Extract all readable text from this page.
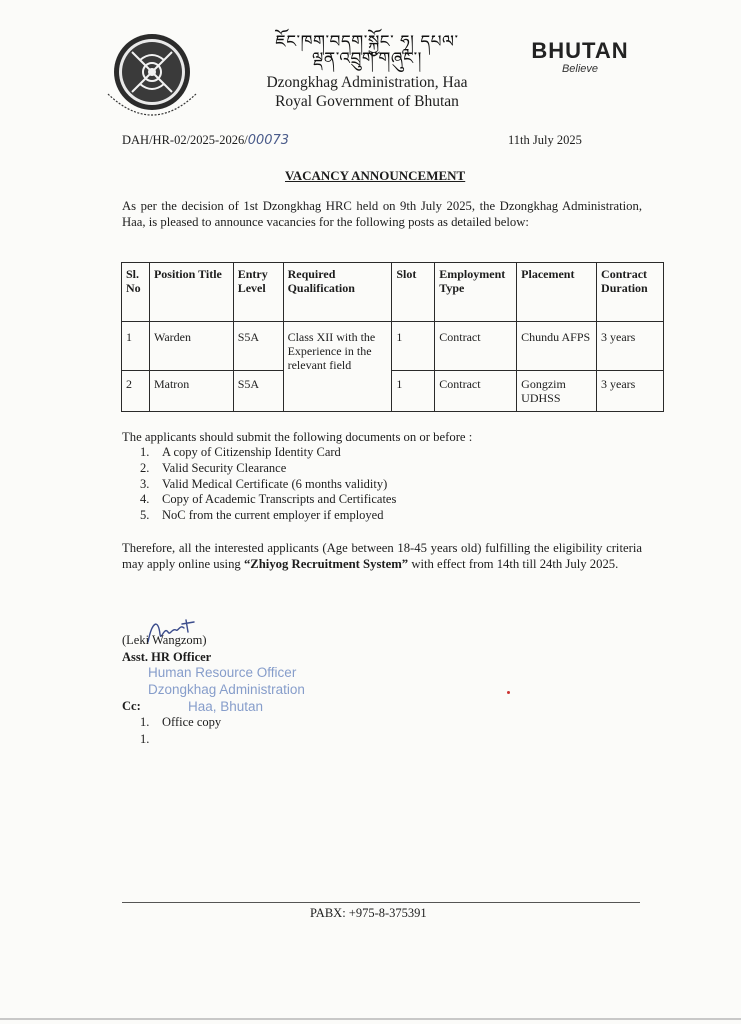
ཇོང་ཁག་བདག་སྐྱོང་ ཧཱ། དཔལ་ལྡན་འབྲུག་གཞུང་།
Dzongkhag Administration, Haa
Royal Government of Bhutan
BHUTAN
Believe
DAH/HR-02/2025-2026/00073	11th July 2025
VACANCY ANNOUNCEMENT
As per the decision of 1st Dzongkhag HRC held on 9th July 2025, the Dzongkhag Administration, Haa, is pleased to announce vacancies for the following posts as detailed below:
Sl. No	Position Title	Entry Level	Required Qualification	Slot	Employment Type	Placement	Contract Duration
1	Warden	S5A	Class XII with the Experience in the relevant field	1	Contract	Chundu AFPS	3 years
2	Matron	S5A		1	Contract	Gongzim UDHSS	3 years
The applicants should submit the following documents on or before :
1. A copy of Citizenship Identity Card
2. Valid Security Clearance
3. Valid Medical Certificate (6 months validity)
4. Copy of Academic Transcripts and Certificates
5. NoC from the current employer if employed
Therefore, all the interested applicants (Age between 18-45 years old) fulfilling the eligibility criteria may apply online using “Zhiyog Recruitment System” with effect from 14th till 24th July 2025.
(Leki Wangzom)
Asst. HR Officer
Human Resource Officer
Dzongkhag Administration
Haa, Bhutan
Cc:
1. Office copy
1.
PABX: +975-8-375391
